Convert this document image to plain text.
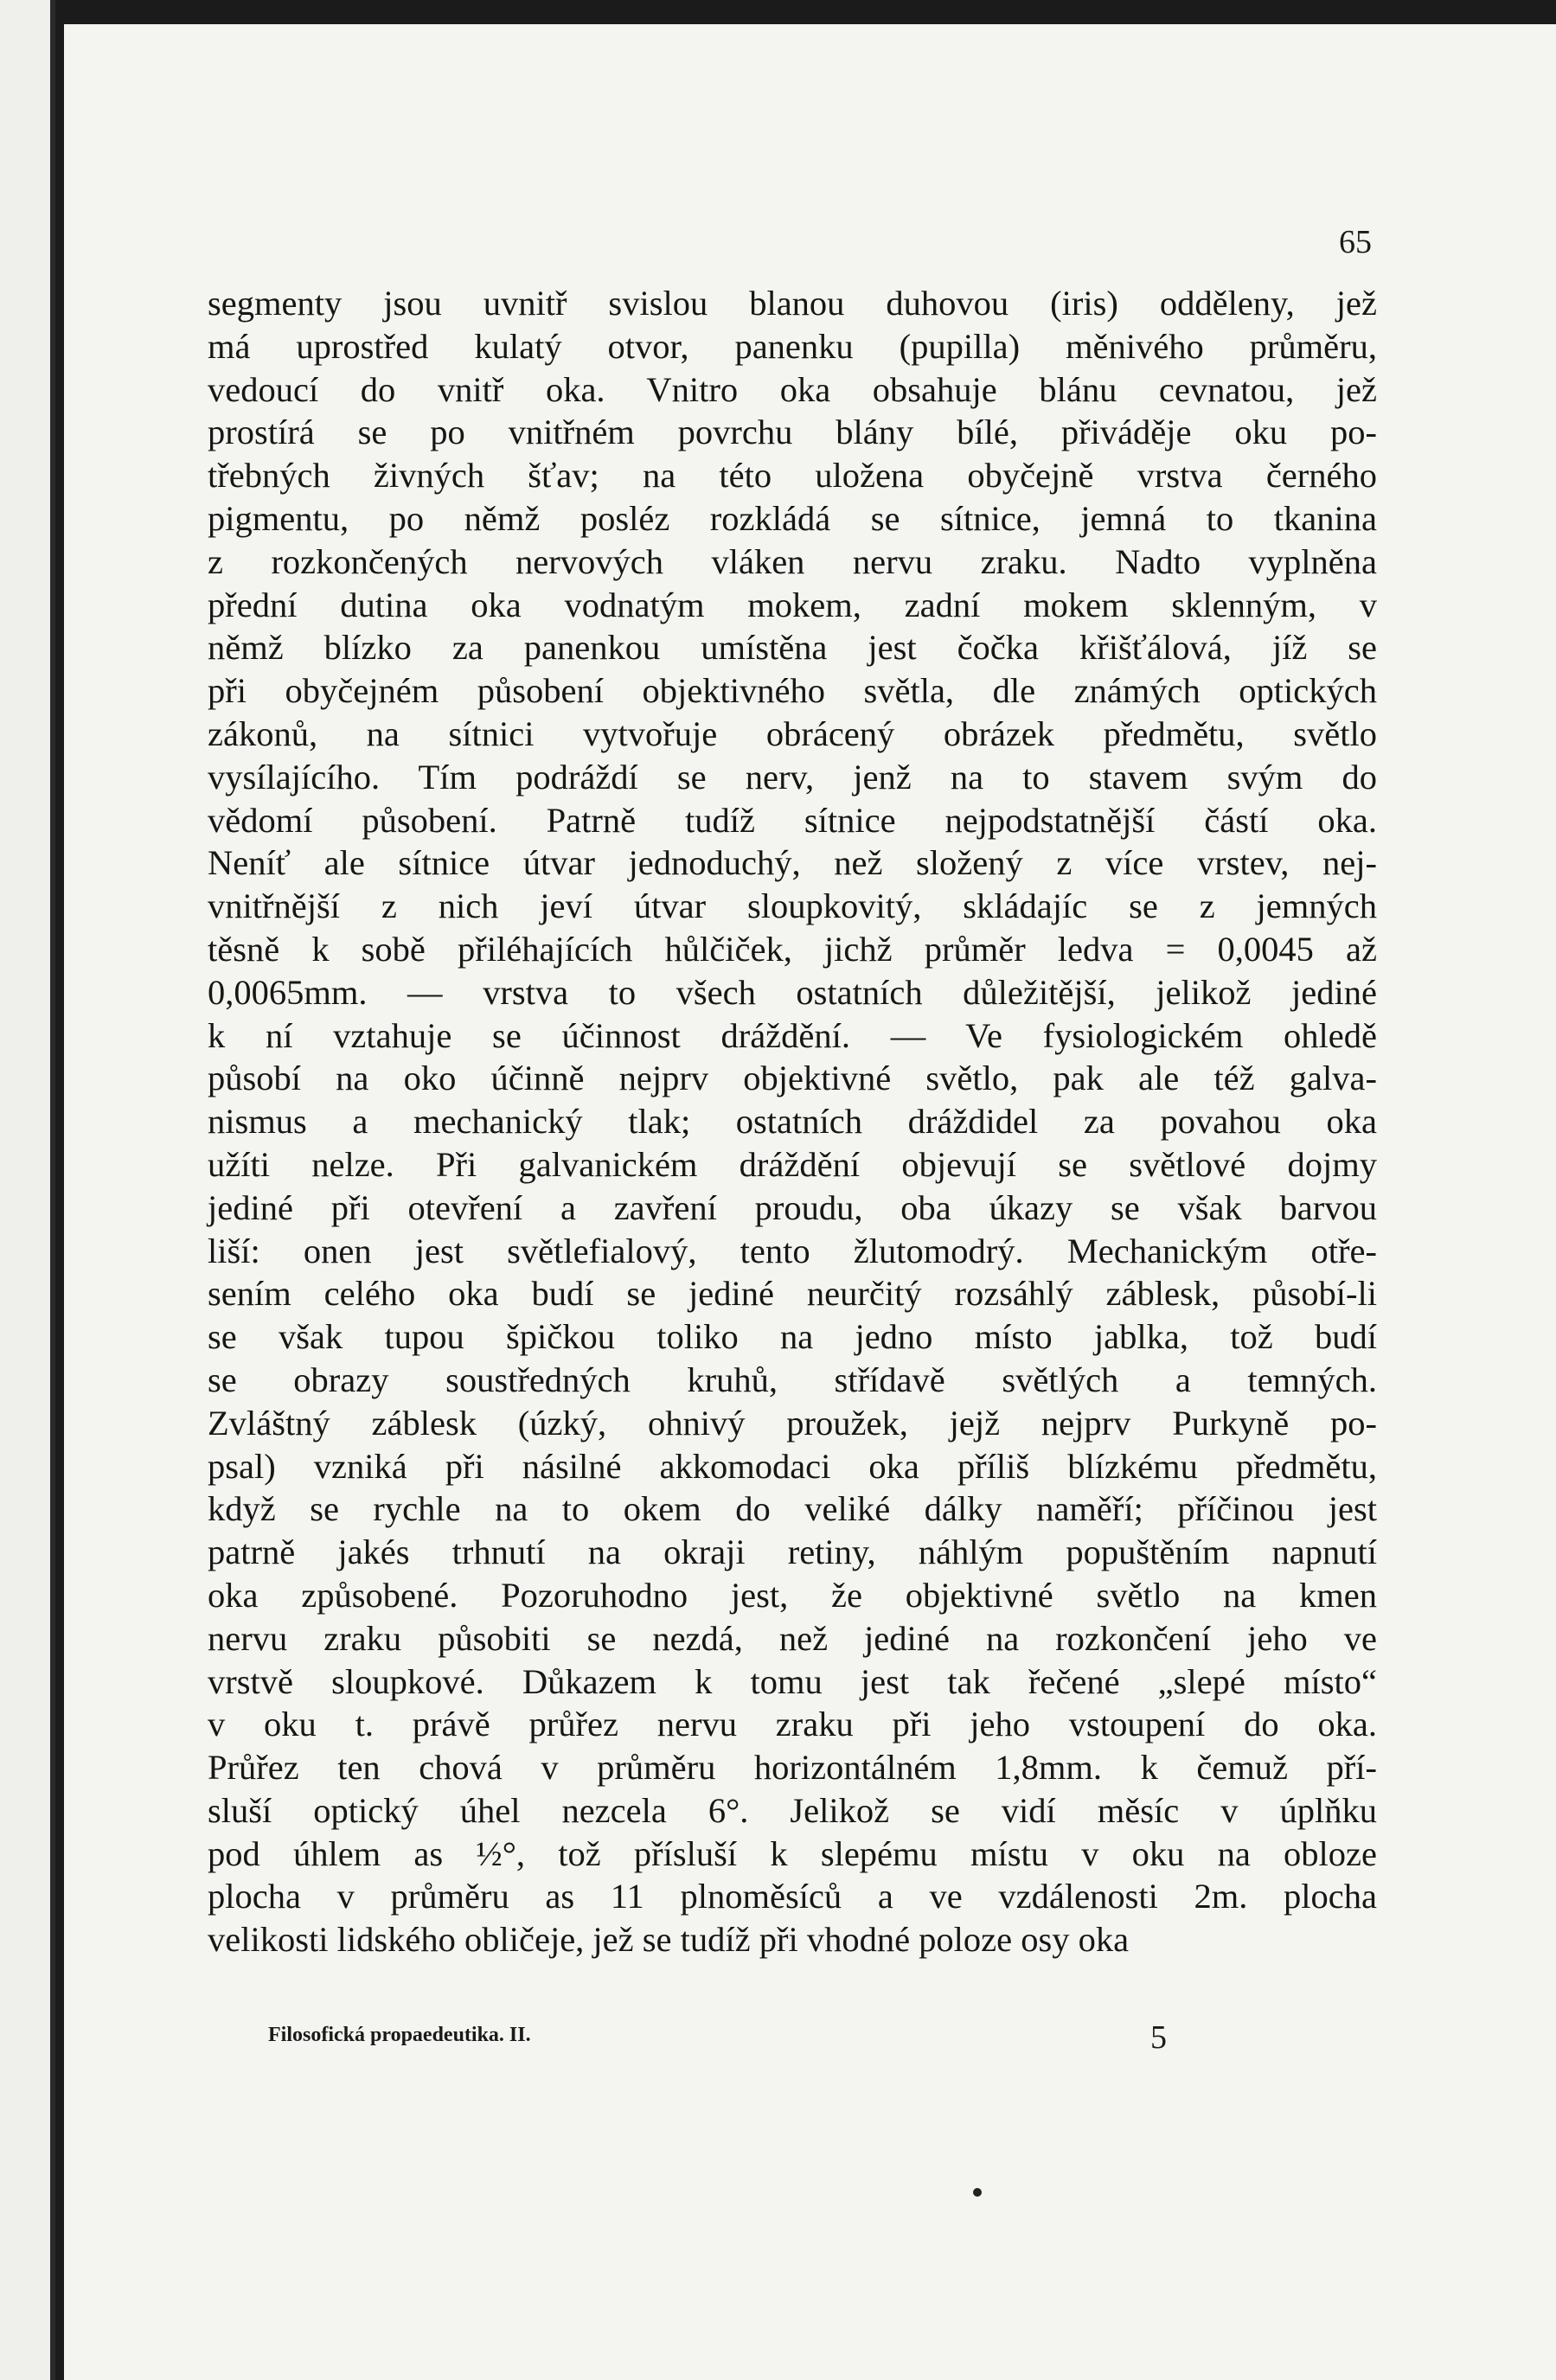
65

segmenty jsou uvnitř svislou blanou duhovou (iris) odděleny, jež
má uprostřed kulatý otvor, panenku (pupilla) měnivého průměru,
vedoucí do vnitř oka. Vnitro oka obsahuje blánu cevnatou, jež
prostírá se po vnitřném povrchu blány bílé, přiváděje oku po-
třebných živných šťav; na této uložena obyčejně vrstva černého
pigmentu, po němž posléz rozkládá se sítnice, jemná to tkanina
z rozkončených nervových vláken nervu zraku. Nadto vyplněna
přední dutina oka vodnatým mokem, zadní mokem sklenným, v
němž blízko za panenkou umístěna jest čočka křišťálová, jíž se
při obyčejném působení objektivného světla, dle známých optických
zákonů, na sítnici vytvořuje obrácený obrázek předmětu, světlo
vysílajícího. Tím podráždí se nerv, jenž na to stavem svým do
vědomí působení. Patrně tudíž sítnice nejpodstatnější částí oka.
Neníť ale sítnice útvar jednoduchý, než složený z více vrstev, nej-
vnitřnější z nich jeví útvar sloupkovitý, skládajíc se z jemných
těsně k sobě přiléhajících hůlčiček, jichž průměr ledva = 0,0045 až
0,0065mm. — vrstva to všech ostatních důležitější, jelikož jediné
k ní vztahuje se účinnost dráždění. — Ve fysiologickém ohledě
působí na oko účinně nejprv objektivné světlo, pak ale též galva-
nismus a mechanický tlak; ostatních dráždidel za povahou oka
užíti nelze. Při galvanickém dráždění objevují se světlové dojmy
jediné při otevření a zavření proudu, oba úkazy se však barvou
liší: onen jest světlefialový, tento žlutomodrý. Mechanickým otře-
sením celého oka budí se jediné neurčitý rozsáhlý záblesk, působí-li
se však tupou špičkou toliko na jedno místo jablka, tož budí
se obrazy soustředných kruhů, střídavě světlých a temných.
Zvláštný záblesk (úzký, ohnivý proužek, jejž nejprv Purkyně po-
psal) vzniká při násilné akkomodaci oka příliš blízkému předmětu,
když se rychle na to okem do veliké dálky naměří; příčinou jest
patrně jakés trhnutí na okraji retiny, náhlým popuštěním napnutí
oka způsobené. Pozoruhodno jest, že objektivné světlo na kmen
nervu zraku působiti se nezdá, než jediné na rozkončení jeho ve
vrstvě sloupkové. Důkazem k tomu jest tak řečené „slepé místo“
v oku t. právě průřez nervu zraku při jeho vstoupení do oka.
Průřez ten chová v průměru horizontálném 1,8mm. k čemuž pří-
sluší optický úhel nezcela 6°. Jelikož se vidí měsíc v úplňku
pod úhlem as ½°, tož přísluší k slepému místu v oku na obloze
plocha v průměru as 11 plnoměsíců a ve vzdálenosti 2m. plocha
velikosti lidského obličeje, jež se tudíž při vhodné poloze osy oka
Filosofická propaedeutika. II.	5
